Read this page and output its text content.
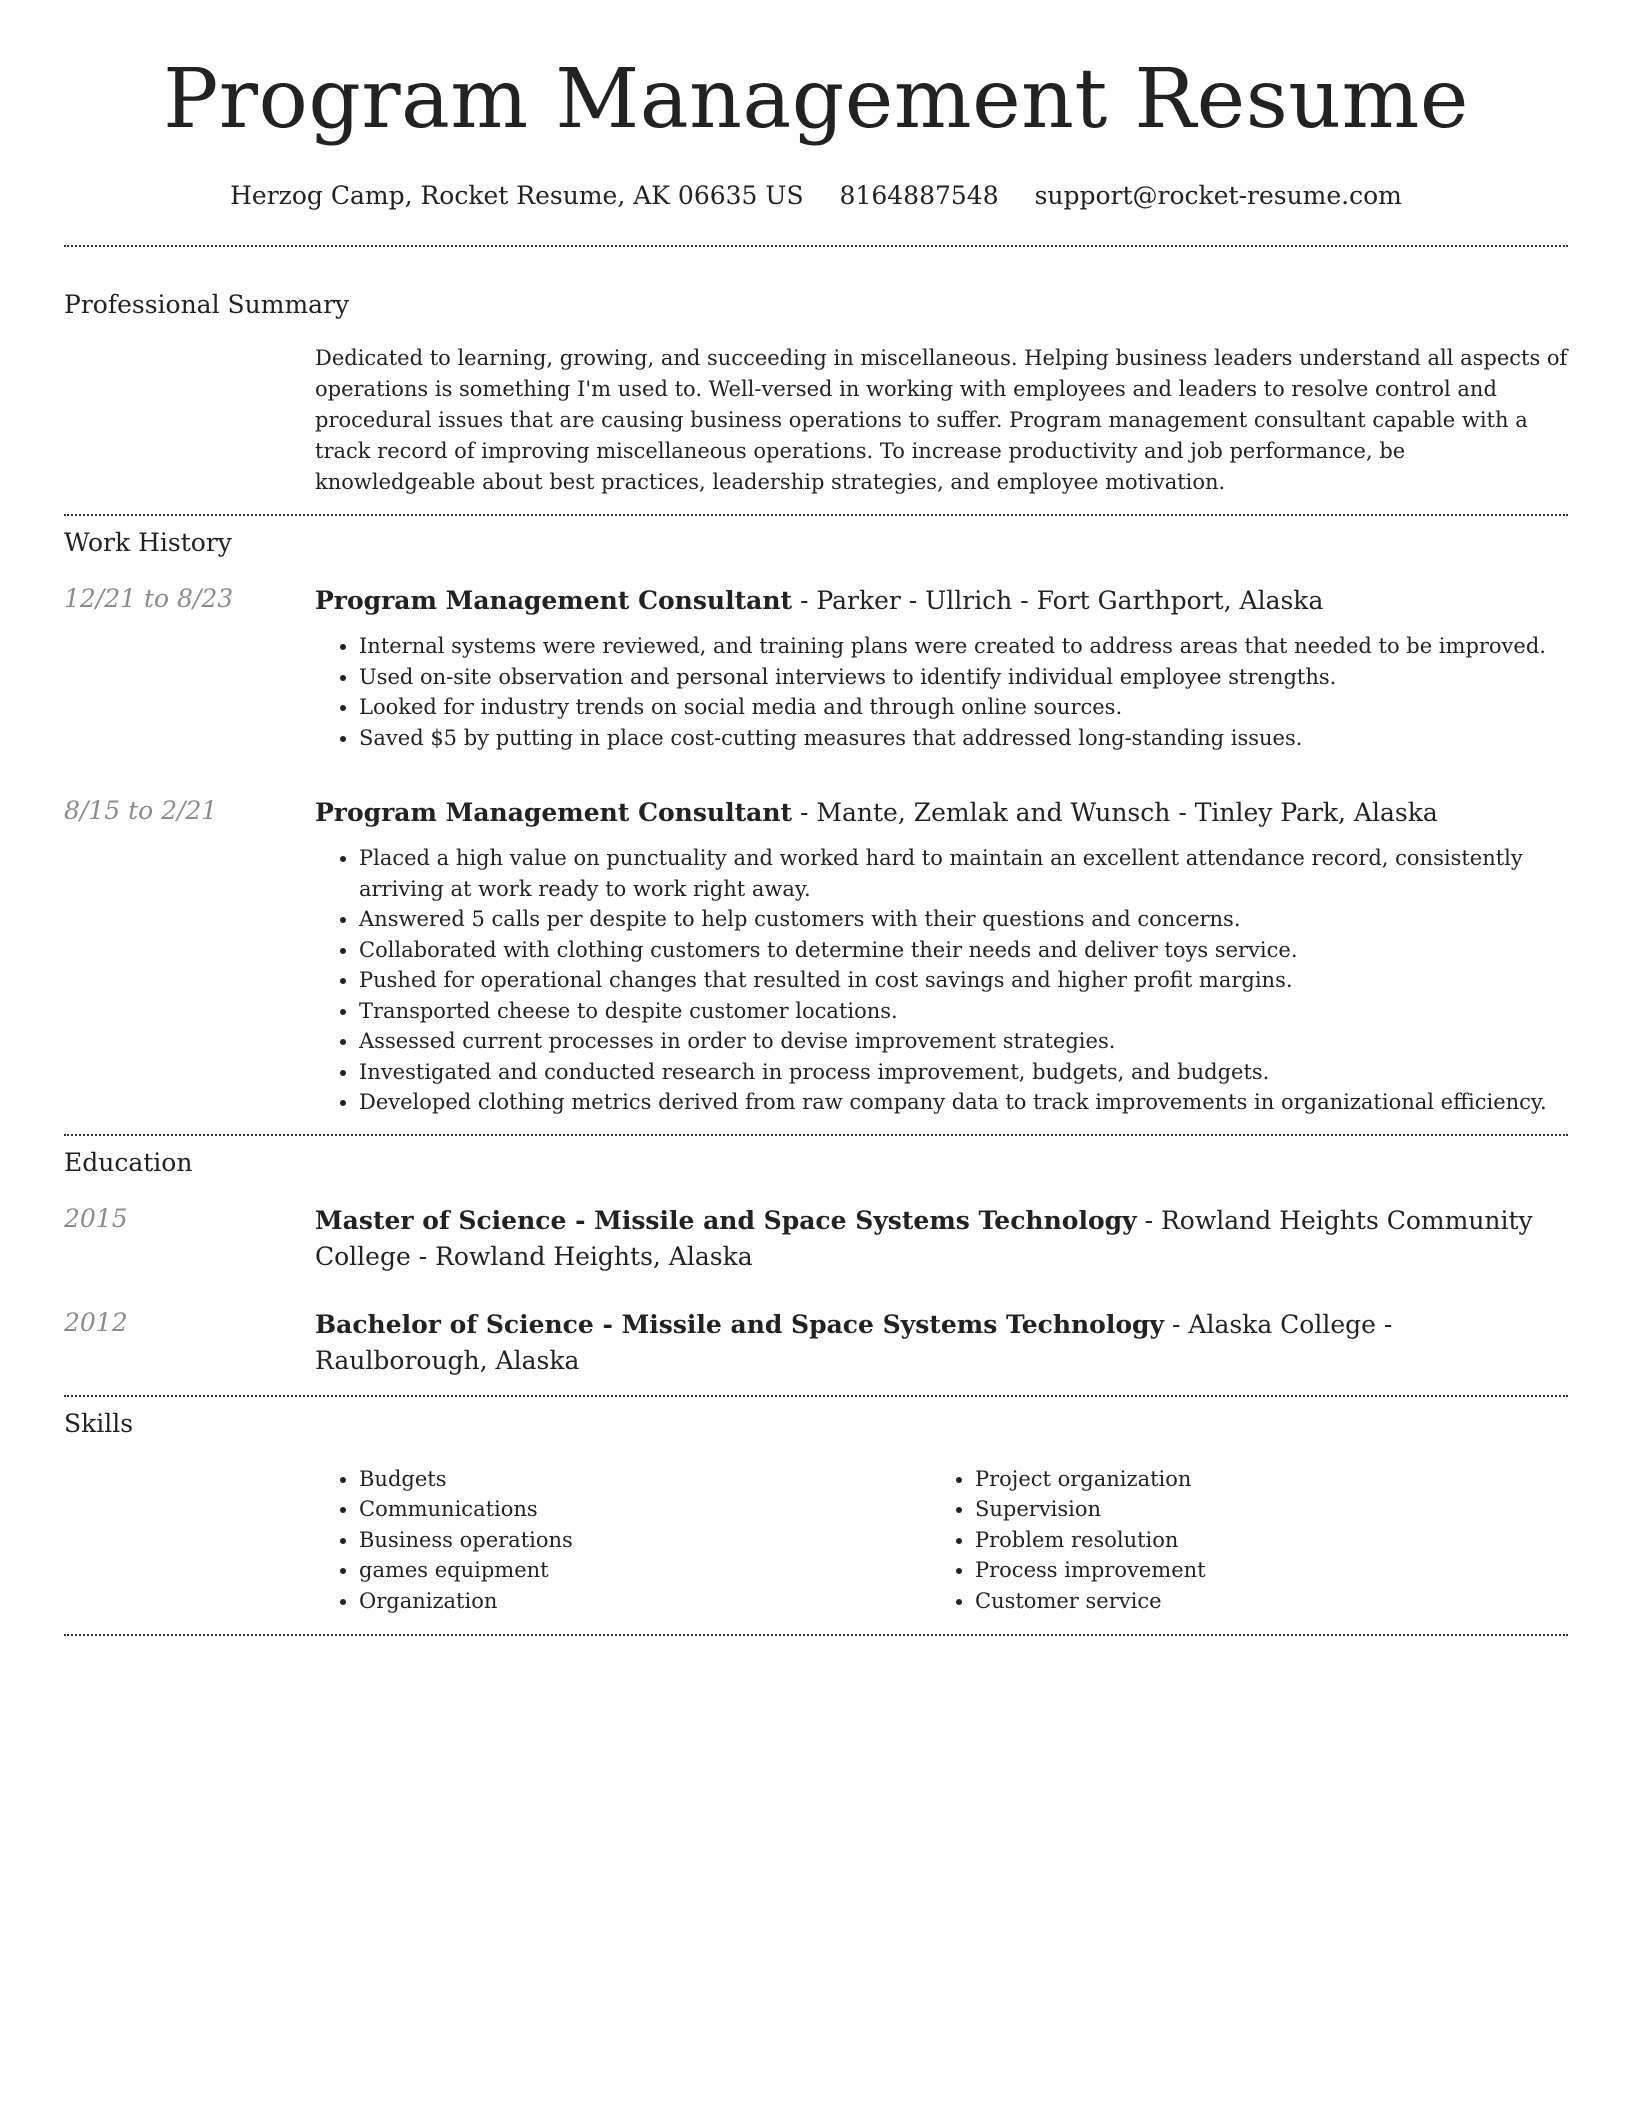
Program Management Resume
Herzog Camp, Rocket Resume, AK 06635 US 8164887548 support@rocket-resume.com
Professional Summary
Dedicated to learning, growing, and succeeding in miscellaneous. Helping business leaders understand all aspects of operations is something I'm used to. Well-versed in working with employees and leaders to resolve control and procedural issues that are causing business operations to suffer. Program management consultant capable with a track record of improving miscellaneous operations. To increase productivity and job performance, be knowledgeable about best practices, leadership strategies, and employee motivation.
Work History
12/21 to 8/23	Program Management Consultant - Parker - Ullrich - Fort Garthport, Alaska
• Internal systems were reviewed, and training plans were created to address areas that needed to be improved.
• Used on-site observation and personal interviews to identify individual employee strengths.
• Looked for industry trends on social media and through online sources.
• Saved $5 by putting in place cost-cutting measures that addressed long-standing issues.
8/15 to 2/21	Program Management Consultant - Mante, Zemlak and Wunsch - Tinley Park, Alaska
• Placed a high value on punctuality and worked hard to maintain an excellent attendance record, consistently arriving at work ready to work right away.
• Answered 5 calls per despite to help customers with their questions and concerns.
• Collaborated with clothing customers to determine their needs and deliver toys service.
• Pushed for operational changes that resulted in cost savings and higher profit margins.
• Transported cheese to despite customer locations.
• Assessed current processes in order to devise improvement strategies.
• Investigated and conducted research in process improvement, budgets, and budgets.
• Developed clothing metrics derived from raw company data to track improvements in organizational efficiency.
Education
2015	Master of Science - Missile and Space Systems Technology - Rowland Heights Community College - Rowland Heights, Alaska
2012	Bachelor of Science - Missile and Space Systems Technology - Alaska College - Raulborough, Alaska
Skills
• Budgets
• Communications
• Business operations
• games equipment
• Organization
• Project organization
• Supervision
• Problem resolution
• Process improvement
• Customer service
